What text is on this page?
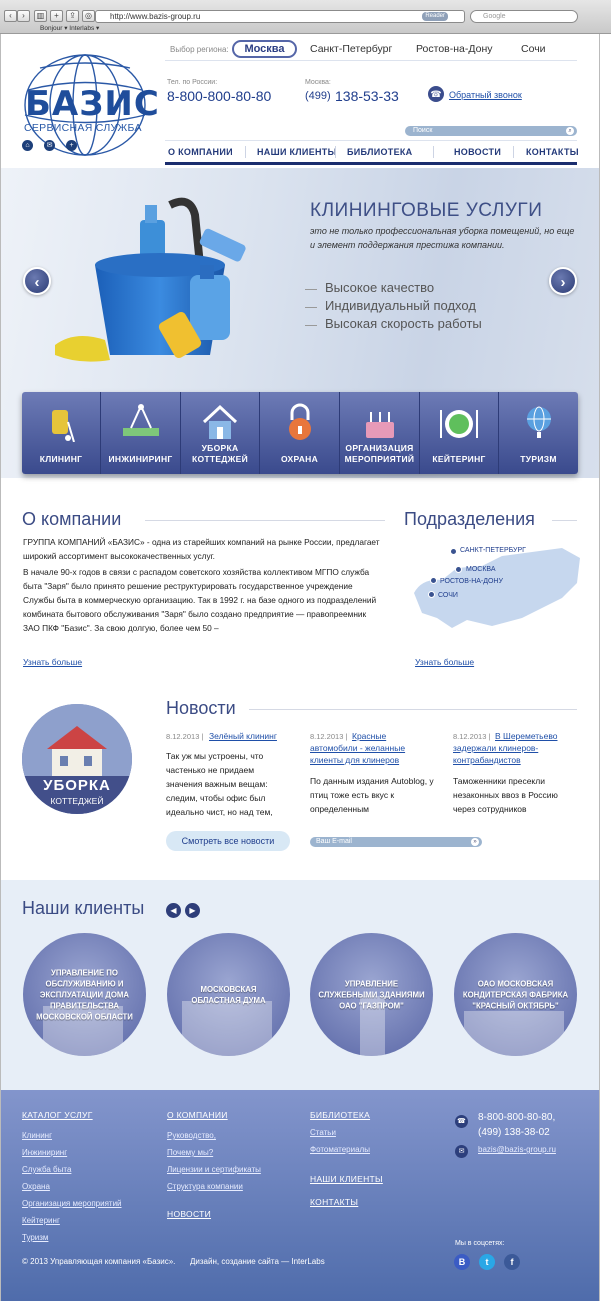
‹	›	▥	+	⇪	◎	http://www.bazis-group.ru	Reader	Google
Bonjour ▾ Interlabs ▾
БАЗИС
СЕРВИСНАЯ СЛУЖБА
⌂	✉	+
Выбор региона:	Москва	Санкт-Петербург Ростов-на-Дону	Сочи
Тел. по России:
8-800-800-80-80
Москва:
(499) 138-53-33	☎ Обратный звонок
Поиск	⌕
О КОМПАНИИ	НАШИ КЛИЕНТЫ БИБЛИОТЕКА	НОВОСТИ	КОНТАКТЫ
КЛИНИНГОВЫЕ УСЛУГИ
это не только профессиональная уборка помещений, но еще и элемент поддержания престижа компании.
Высокое качество
Индивидуальный подход
Высокая скорость работы
‹	›
КЛИНИНГ	ИНЖИНИРИНГ
УБОРКА
КОТТЕДЖЕЙ	ОХРАНА
ОРГАНИЗАЦИЯ
МЕРОПРИЯТИЙ	КЕЙТЕРИНГ	ТУРИЗМ
О компании

ГРУППА КОМПАНИЙ «БАЗИС» - одна из старейших компаний на рынке России, предлагает широкий ассортимент высококачественных услуг.

В начале 90-х годов в связи с распадом советского хозяйства коллективом МГПО служба быта "Заря" было принято решение реструктурировать государственное учреждение Службы быта в коммерческую организацию. Так в 1992 г. на базе одного из подразделений комбината бытового обслуживания "Заря" было создано предприятие — правопреемник ЗАО ПКФ "Базис". За свою долгую, более чем 50 –

Узнать больше
Подразделения
САНКТ-ПЕТЕРБУРГ
МОСКВА
РОСТОВ-НА-ДОНУ
СОЧИ
Узнать больше
УБОРКА
КОТТЕДЖЕЙ
Новости
8.12.2013 | Зелёный клининг
Так уж мы устроены, что частенько не придаем значения важным вещам: следим, чтобы офис был идеально чист, но над тем,
8.12.2013 | Красные автомобили - желанные клиенты для клинеров
По данным издания Autoblog, у птиц тоже есть вкус к определенным
8.12.2013 | В Шереметьево задержали клинеров-контрабандистов
Таможенники пресекли незаконных ввоз в Россию через сотрудников
Смотреть все новости	Ваш E-mail	»
Наши клиенты	◀	▶
УПРАВЛЕНИЕ ПО ОБСЛУЖИВАНИЮ И ЭКСПЛУАТАЦИИ ДОМА ПРАВИТЕЛЬСТВА МОСКОВСКОЙ ОБЛАСТИ
МОСКОВСКАЯ ОБЛАСТНАЯ ДУМА
УПРАВЛЕНИЕ СЛУЖЕБНЫМИ ЗДАНИЯМИ ОАО "ГАЗПРОМ"
ОАО МОСКОВСКАЯ КОНДИТЕРСКАЯ ФАБРИКА "КРАСНЫЙ ОКТЯБРЬ"
КАТАЛОГ УСЛУГ
Клининг
Инжиниринг
Служба быта
Охрана
Организация мероприятий
Кейтеринг
Туризм
О КОМПАНИИ
Руководство,
Почему мы?
Лицензии и сертификаты
Структура компании
НОВОСТИ
БИБЛИОТЕКА
Статьи
Фотоматериалы
НАШИ КЛИЕНТЫ
КОНТАКТЫ
☎ 8-800-800-80-80,
(499) 138-38-02
✉	bazis@bazis-group.ru
Мы в соцсетях:
B	t	f
© 2013 Управляющая компания «Базис». Дизайн, создание сайта — InterLabs
